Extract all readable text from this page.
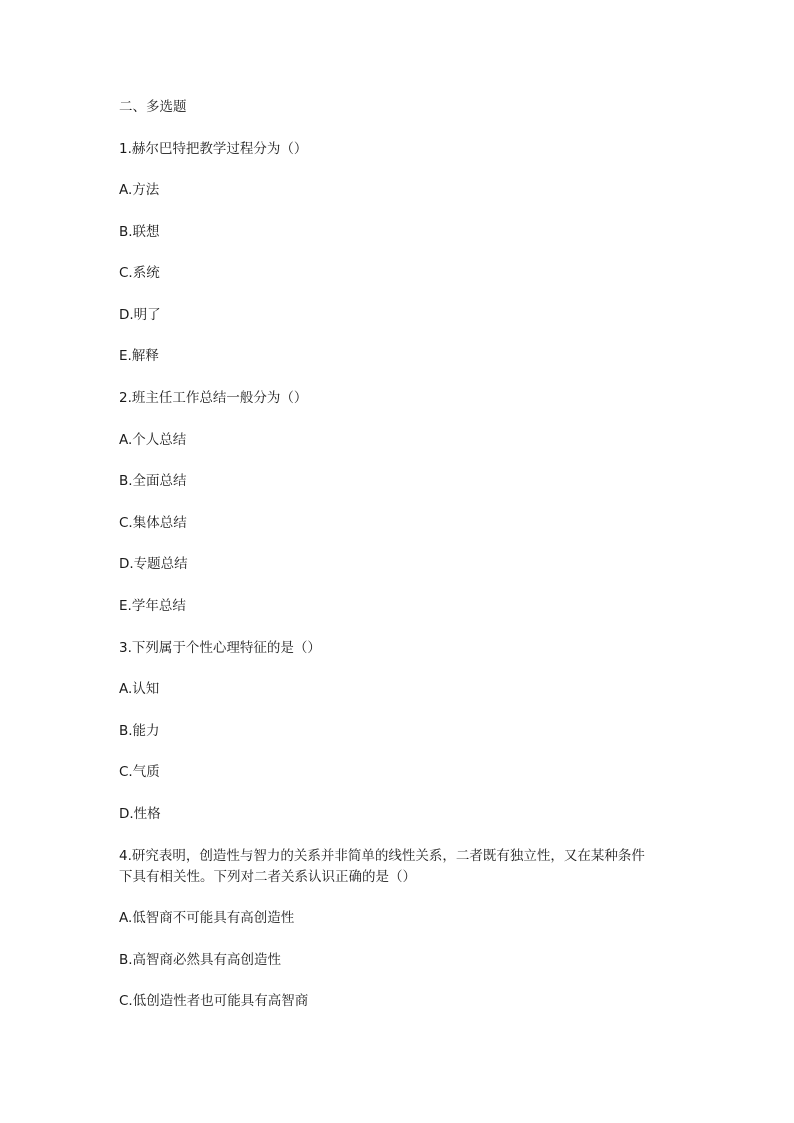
二、多选题
1.赫尔巴特把教学过程分为（）
A.方法
B.联想
C.系统
D.明了
E.解释
2.班主任工作总结一般分为（）
A.个人总结
B.全面总结
C.集体总结
D.专题总结
E.学年总结
3.下列属于个性心理特征的是（）
A.认知
B.能力
C.气质
D.性格
4.研究表明，创造性与智力的关系并非简单的线性关系，二者既有独立性，又在某种条件
下具有相关性。下列对二者关系认识正确的是（）
A.低智商不可能具有高创造性
B.高智商必然具有高创造性
C.低创造性者也可能具有高智商
